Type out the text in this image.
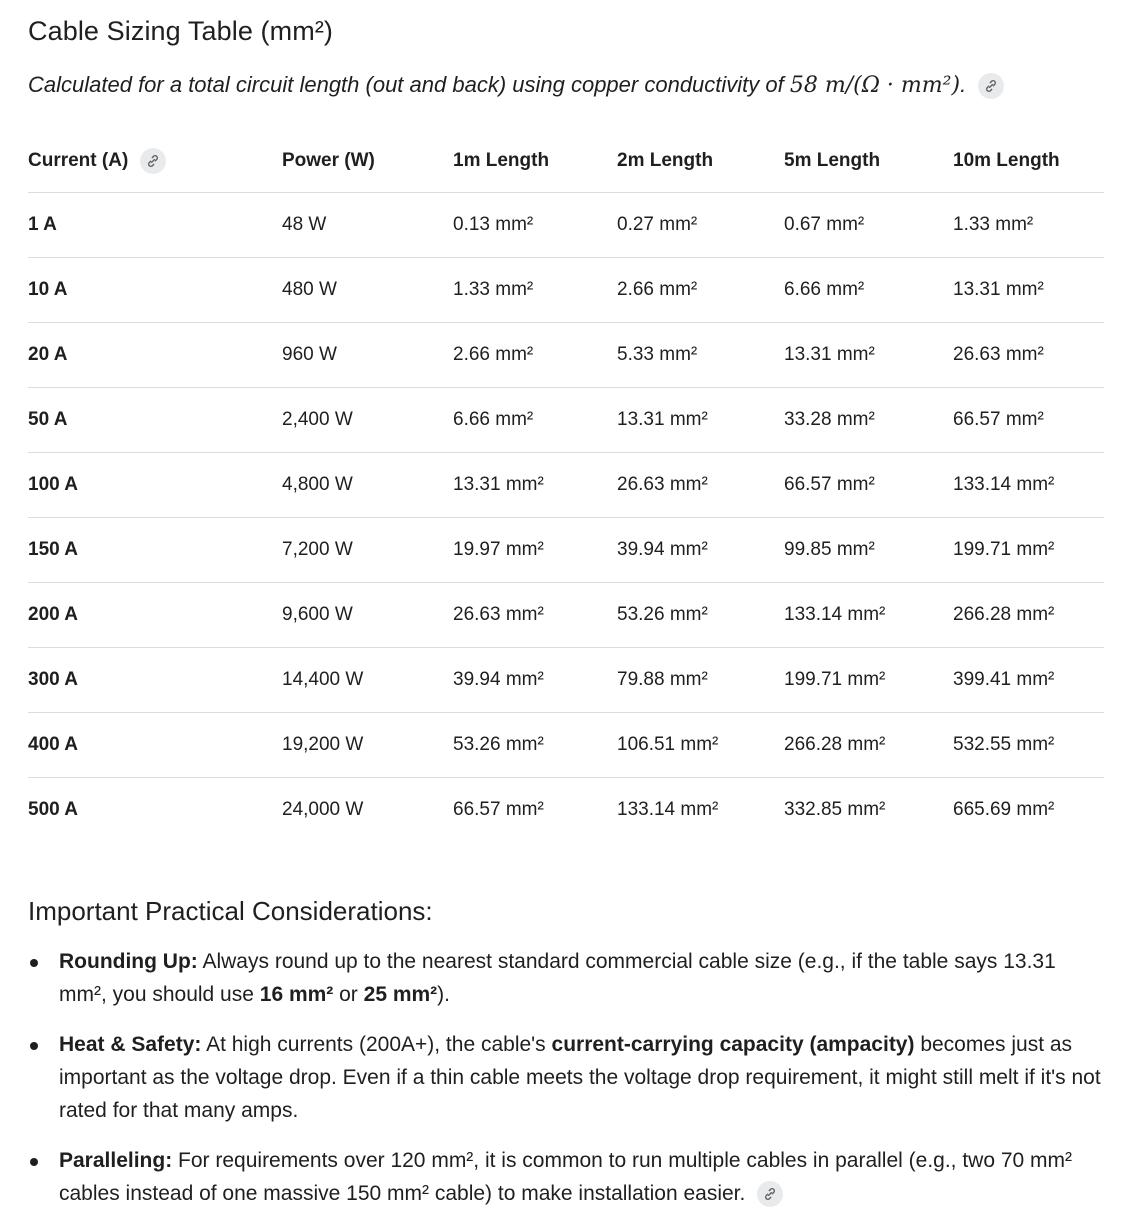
Cable Sizing Table (mm²)
Calculated for a total circuit length (out and back) using copper conductivity of 58 m/(Ω · mm²).
Current (A)	Power (W)	1m Length	2m Length	5m Length	10m Length
1 A	48 W	0.13 mm²	0.27 mm²	0.67 mm²	1.33 mm²
10 A	480 W	1.33 mm²	2.66 mm²	6.66 mm²	13.31 mm²
20 A	960 W	2.66 mm²	5.33 mm²	13.31 mm²	26.63 mm²
50 A	2,400 W	6.66 mm²	13.31 mm²	33.28 mm²	66.57 mm²
100 A	4,800 W	13.31 mm²	26.63 mm²	66.57 mm²	133.14 mm²
150 A	7,200 W	19.97 mm²	39.94 mm²	99.85 mm²	199.71 mm²
200 A	9,600 W	26.63 mm²	53.26 mm²	133.14 mm²	266.28 mm²
300 A	14,400 W	39.94 mm²	79.88 mm²	199.71 mm²	399.41 mm²
400 A	19,200 W	53.26 mm²	106.51 mm²	266.28 mm²	532.55 mm²
500 A	24,000 W	66.57 mm²	133.14 mm²	332.85 mm²	665.69 mm²
Important Practical Considerations:
Rounding Up: Always round up to the nearest standard commercial cable size (e.g., if the table says 13.31 mm², you should use 16 mm² or 25 mm²).
Heat & Safety: At high currents (200A+), the cable's current-carrying capacity (ampacity) becomes just as important as the voltage drop. Even if a thin cable meets the voltage drop requirement, it might still melt if it's not rated for that many amps.
Paralleling: For requirements over 120 mm², it is common to run multiple cables in parallel (e.g., two 70 mm² cables instead of one massive 150 mm² cable) to make installation easier.
